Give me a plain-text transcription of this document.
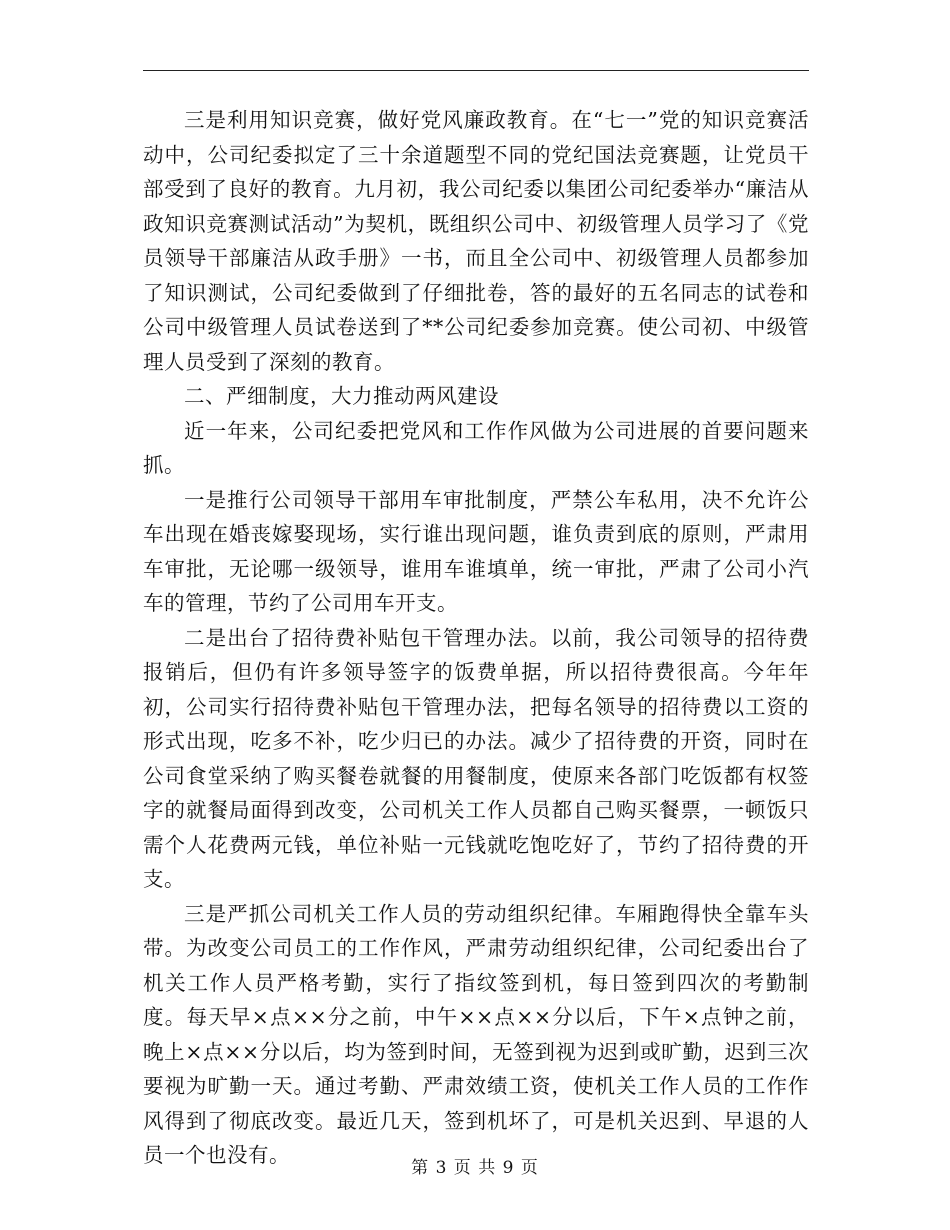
三是利用知识竞赛，做好党风廉政教育。在“七一”党的知识竞赛活动中，公司纪委拟定了三十余道题型不同的党纪国法竞赛题，让党员干部受到了良好的教育。九月初，我公司纪委以集团公司纪委举办“廉洁从政知识竞赛测试活动”为契机，既组织公司中、初级管理人员学习了《党员领导干部廉洁从政手册》一书，而且全公司中、初级管理人员都参加了知识测试，公司纪委做到了仔细批卷，答的最好的五名同志的试卷和公司中级管理人员试卷送到了**公司纪委参加竞赛。使公司初、中级管理人员受到了深刻的教育。

二、严细制度，大力推动两风建设

近一年来，公司纪委把党风和工作作风做为公司进展的首要问题来抓。

一是推行公司领导干部用车审批制度，严禁公车私用，决不允许公车出现在婚丧嫁娶现场，实行谁出现问题，谁负责到底的原则，严肃用车审批，无论哪一级领导，谁用车谁填单，统一审批，严肃了公司小汽车的管理，节约了公司用车开支。

二是出台了招待费补贴包干管理办法。以前，我公司领导的招待费报销后，但仍有许多领导签字的饭费单据，所以招待费很高。今年年初，公司实行招待费补贴包干管理办法，把每名领导的招待费以工资的形式出现，吃多不补，吃少归已的办法。减少了招待费的开资，同时在公司食堂采纳了购买餐卷就餐的用餐制度，使原来各部门吃饭都有权签字的就餐局面得到改变，公司机关工作人员都自己购买餐票，一顿饭只需个人花费两元钱，单位补贴一元钱就吃饱吃好了，节约了招待费的开支。

三是严抓公司机关工作人员的劳动组织纪律。车厢跑得快全靠车头带。为改变公司员工的工作作风，严肃劳动组织纪律，公司纪委出台了机关工作人员严格考勤，实行了指纹签到机，每日签到四次的考勤制度。每天早×点××分之前，中午××点××分以后，下午×点钟之前，晚上×点××分以后，均为签到时间，无签到视为迟到或旷勤，迟到三次要视为旷勤一天。通过考勤、严肃效绩工资，使机关工作人员的工作作风得到了彻底改变。最近几天，签到机坏了，可是机关迟到、早退的人员一个也没有。

第 3 页 共 9 页
